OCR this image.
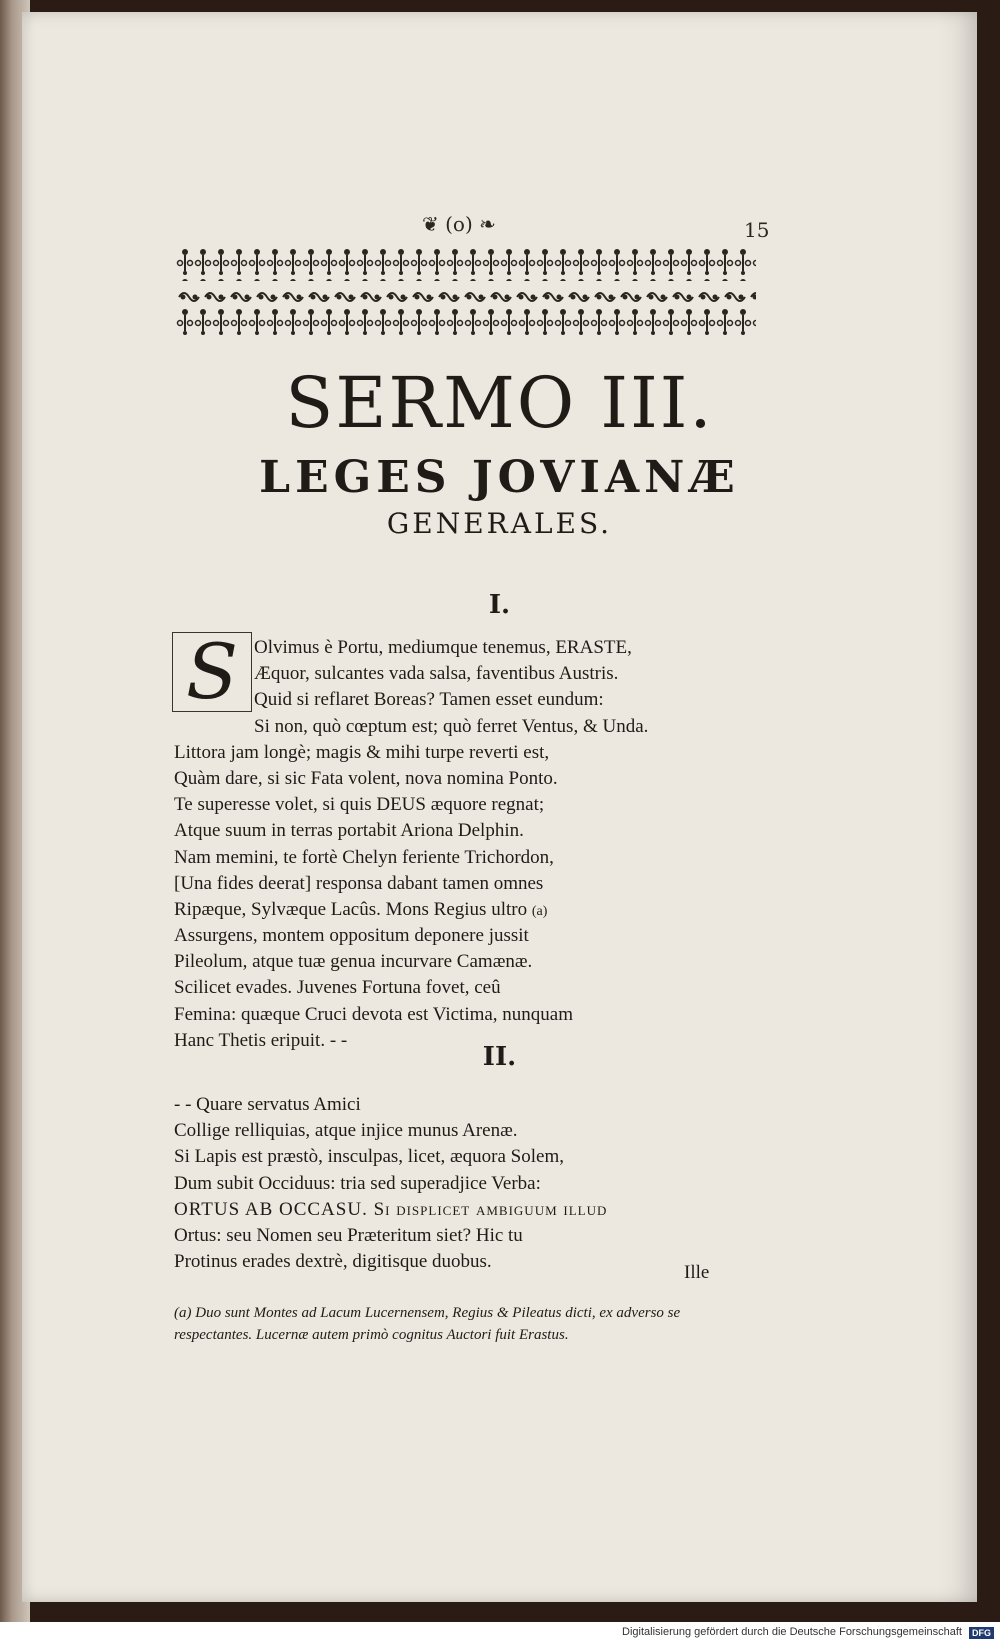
❦ (o) ❧	15
SERMO III.
LEGES JOVIANÆ
GENERALES.
I.
S Olvimus è Portu, mediumque tenemus, ERASTE,
Æquor, sulcantes vada salsa, faventibus Austris.
Quid si reflaret Boreas? Tamen esset eundum:
Si non, quò cœptum est; quò ferret Ventus, & Unda.
Littora jam longè; magis & mihi turpe reverti est,
Quàm dare, si sic Fata volent, nova nomina Ponto.
Te superesse volet, si quis DEUS æquore regnat;
Atque suum in terras portabit Ariona Delphin.
Nam memini, te fortè Chelyn feriente Trichordon,
[Una fides deerat] responsa dabant tamen omnes
Ripæque, Sylvæque Lacûs. Mons Regius ultro (a)
Assurgens, montem oppositum deponere jussit
Pileolum, atque tuæ genua incurvare Camænæ.
Scilicet evades. Juvenes Fortuna fovet, ceû
Femina: quæque Cruci devota est Victima, nunquam
Hanc Thetis eripuit. - -
II.
- - Quare servatus Amici
Collige relliquias, atque injice munus Arenæ.
Si Lapis est præstò, insculpas, licet, æquora Solem,
Dum subit Occiduus: tria sed superadjice Verba:
ORTUS AB OCCASU. Si displicet ambiguum illud
Ortus: seu Nomen seu Præteritum siet? Hic tu
Protinus erades dextrè, digitisque duobus.
Ille
(a) Duo sunt Montes ad Lacum Lucernensem, Regius & Pileatus dicti, ex adverso se respectantes. Lucernæ autem primò cognitus Auctori fuit Erastus.
Digitalisierung gefördert durch die Deutsche Forschungsgemeinschaft	DFG
